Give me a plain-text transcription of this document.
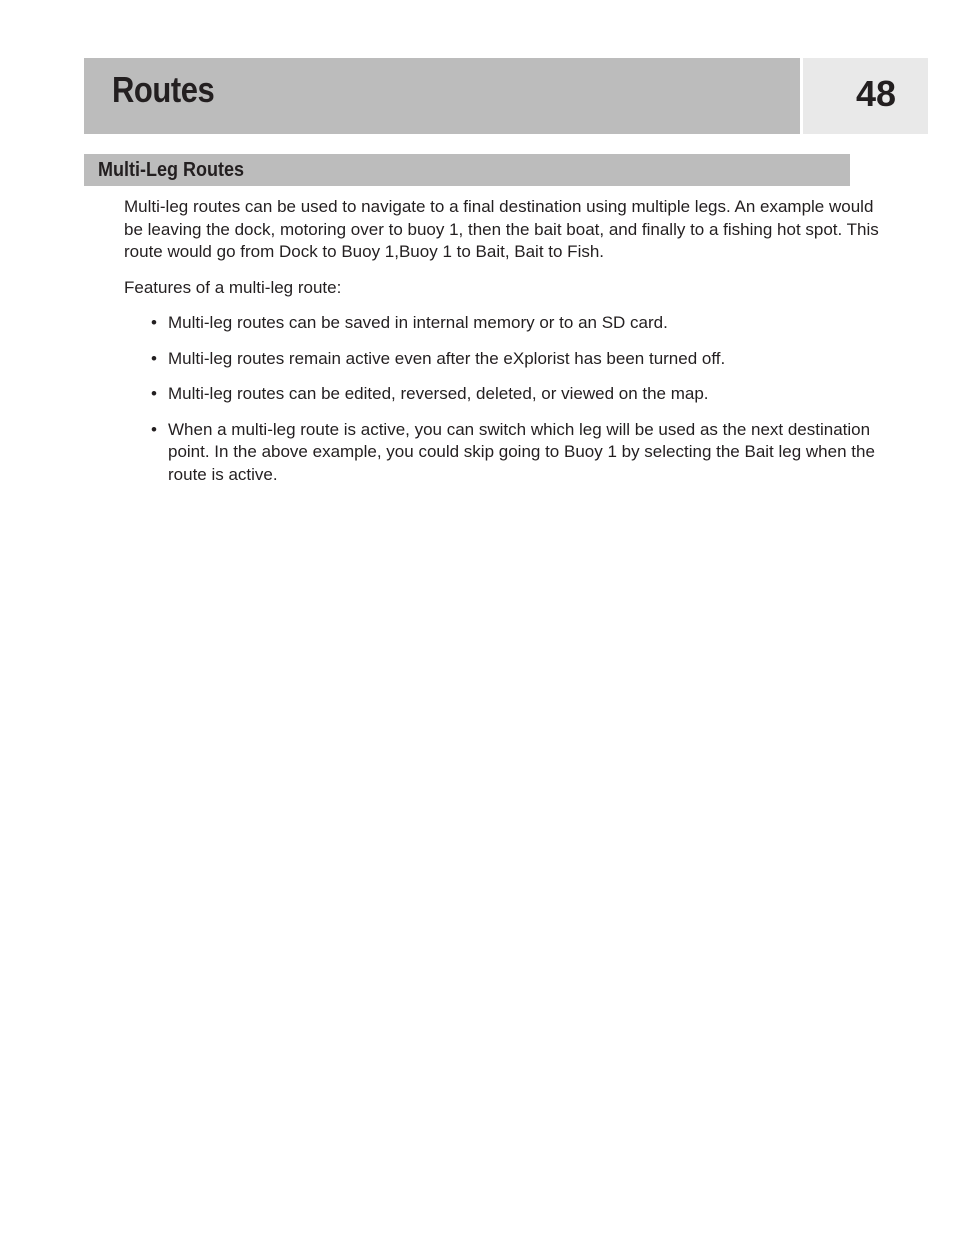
Routes	48
Multi-Leg Routes

Multi-leg routes can be used to navigate to a final destination using multiple legs. An example would be leaving the dock, motoring over to buoy 1, then the bait boat, and finally to a fishing hot spot. This route would go from Dock to Buoy 1,Buoy 1 to Bait, Bait to Fish.

Features of a multi-leg route:

• Multi-leg routes can be saved in internal memory or to an SD card.
• Multi-leg routes remain active even after the eXplorist has been turned off.
• Multi-leg routes can be edited, reversed, deleted, or viewed on the map.
• When a multi-leg route is active, you can switch which leg will be used as the next destination point. In the above example, you could skip going to Buoy 1 by selecting the Bait leg when the route is active.
